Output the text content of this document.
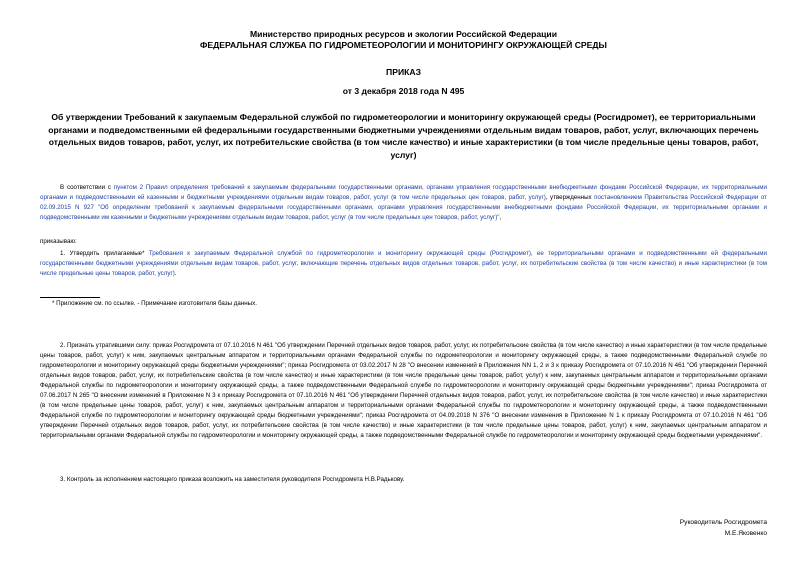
Министерство природных ресурсов и экологии Российской Федерации
ФЕДЕРАЛЬНАЯ СЛУЖБА ПО ГИДРОМЕТЕОРОЛОГИИ И МОНИТОРИНГУ ОКРУЖАЮЩЕЙ СРЕДЫ
ПРИКАЗ
от 3 декабря 2018 года N 495
Об утверждении Требований к закупаемым Федеральной службой по гидрометеорологии и мониторингу окружающей среды (Росгидромет), ее территориальными органами и подведомственными ей федеральными государственными бюджетными учреждениями отдельным видам товаров, работ, услуг, включающих перечень отдельных видов товаров, работ, услуг, их потребительские свойства (в том числе качество) и иные характеристики (в том числе предельные цены товаров, работ, услуг)
В соответствии с пунктом 2 Правил определения требований к закупаемым федеральными государственными органами, органами управления государственными внебюджетными фондами Российской Федерации, их территориальными органами и подведомственными ей казенными и бюджетными учреждениями отдельным видам товаров, работ, услуг (в том числе предельных цен товаров, работ, услуг), утвержденных постановлением Правительства Российской Федерации от 02.09.2015 N 927 "Об определении требований к закупаемым федеральными государственными органами, органами управления государственными внебюджетными фондами Российской Федерации, их территориальными органами и подведомственными им казенными и бюджетными учреждениями отдельным видам товаров, работ, услуг (в том числе предельных цен товаров, работ, услуг)",
приказываю:
1. Утвердить прилагаемые* Требования к закупаемым Федеральной службой по гидрометеорологии и мониторингу окружающей среды (Росгидромет), ее территориальными органами и подведомственными ей федеральными государственными бюджетными учреждениями отдельным видам товаров, работ, услуг, включающие перечень отдельных видов отдельных товаров, работ, услуг, их потребительские свойства (в том числе качество) и иные характеристики (в том числе предельные цены товаров, работ, услуг).
* Приложение см. по ссылке. - Примечание изготовителя базы данных.
2. Признать утратившими силу: приказ Росгидромета от 07.10.2016 N 461 "Об утверждении Перечней отдельных видов товаров, работ, услуг, их потребительские свойства (в том числе качество) и иные характеристики (в том числе предельные цены товаров, работ, услуг) к ним, закупаемых центральным аппаратом и территориальными органами Федеральной службы по гидрометеорологии и мониторингу окружающей среды, а также подведомственными Федеральной службе по гидрометеорологии и мониторингу окружающей среды бюджетными учреждениями"; приказ Росгидромета от 03.02.2017 N 28 "О внесении изменений в Приложения NN 1, 2 и 3 к приказу Росгидромета от 07.10.2016 N 461 "Об утверждении Перечней отдельных видов товаров, работ, услуг, их потребительские свойства (в том числе качество) и иные характеристики (в том числе предельные цены товаров, работ, услуг) к ним, закупаемых центральным аппаратом и территориальными органами Федеральной службы по гидрометеорологии и мониторингу окружающей среды, а также подведомственными Федеральной службе по гидрометеорологии и мониторингу окружающей среды бюджетными учреждениями"; приказ Росгидромета от 07.06.2017 N 265 "О внесении изменений в Приложение N 3 к приказу Росгидромета от 07.10.2016 N 461 "Об утверждении Перечней отдельных видов товаров, работ, услуг, их потребительские свойства (в том числе качество) и иные характеристики (в том числе предельные цены товаров, работ, услуг) к ним, закупаемых центральным аппаратом и территориальными органами Федеральной службы по гидрометеорологии и мониторингу окружающей среды, а также подведомственными Федеральной службе по гидрометеорологии и мониторингу окружающей среды бюджетными учреждениями"; приказ Росгидромета от 04.09.2018 N 376 "О внесении изменения в Приложение N 1 к приказу Росгидромета от 07.10.2016 N 461 "Об утверждении Перечней отдельных видов товаров, работ, услуг, их потребительские свойства (в том числе качество) и иные характеристики (в том числе предельные цены товаров, работ, услуг) к ним, закупаемых центральным аппаратом и территориальными органами Федеральной службы по гидрометеорологии и мониторингу окружающей среды, а также подведомственными Федеральной службе по гидрометеорологии и мониторингу окружающей среды бюджетными учреждениями".
3. Контроль за исполнением настоящего приказа возложить на заместителя руководителя Росгидромета Н.В.Радькову.
Руководитель Росгидромета
М.Е.Яковенко
